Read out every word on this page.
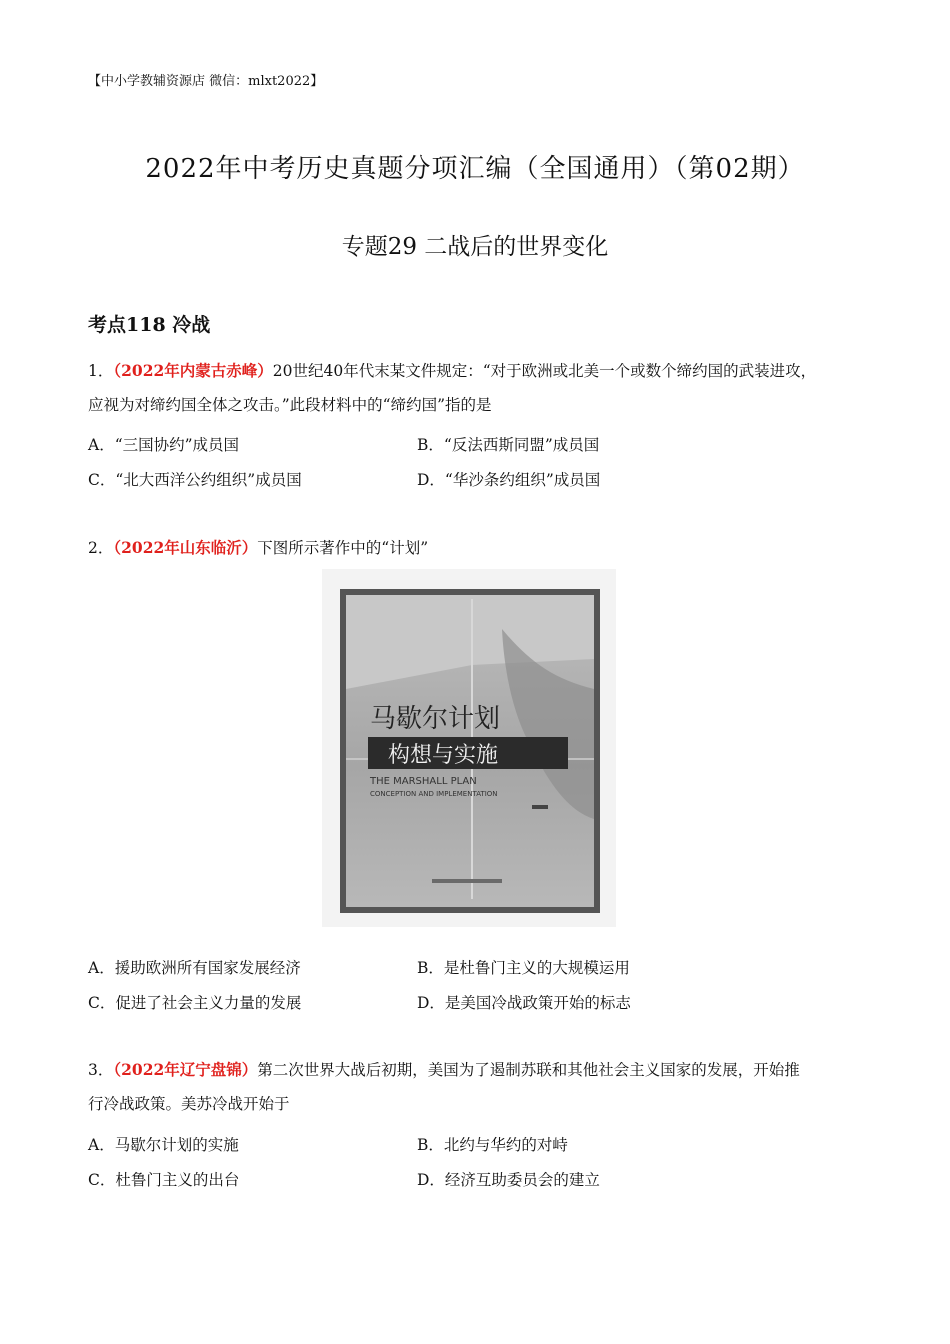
【中小学教辅资源店 微信：mlxt2022】
2022年中考历史真题分项汇编（全国通用）（第02期）
专题29 二战后的世界变化
考点118 冷战
1．（2022年内蒙古赤峰）20世纪40年代末某文件规定：“对于欧洲或北美一个或数个缔约国的武装进攻，
应视为对缔约国全体之攻击。”此段材料中的“缔约国”指的是
A．“三国协约”成员国	B．“反法西斯同盟”成员国
C．“北大西洋公约组织”成员国	D．“华沙条约组织”成员国
2．（2022年山东临沂）下图所示著作中的“计划”
马歇尔计划
构想与实施
THE MARSHALL PLAN
CONCEPTION AND IMPLEMENTATION
A．援助欧洲所有国家发展经济	B．是杜鲁门主义的大规模运用
C．促进了社会主义力量的发展	D．是美国冷战政策开始的标志
3．（2022年辽宁盘锦）第二次世界大战后初期，美国为了遏制苏联和其他社会主义国家的发展，开始推
行冷战政策。美苏冷战开始于
A．马歇尔计划的实施	B．北约与华约的对峙
C．杜鲁门主义的出台	D．经济互助委员会的建立
